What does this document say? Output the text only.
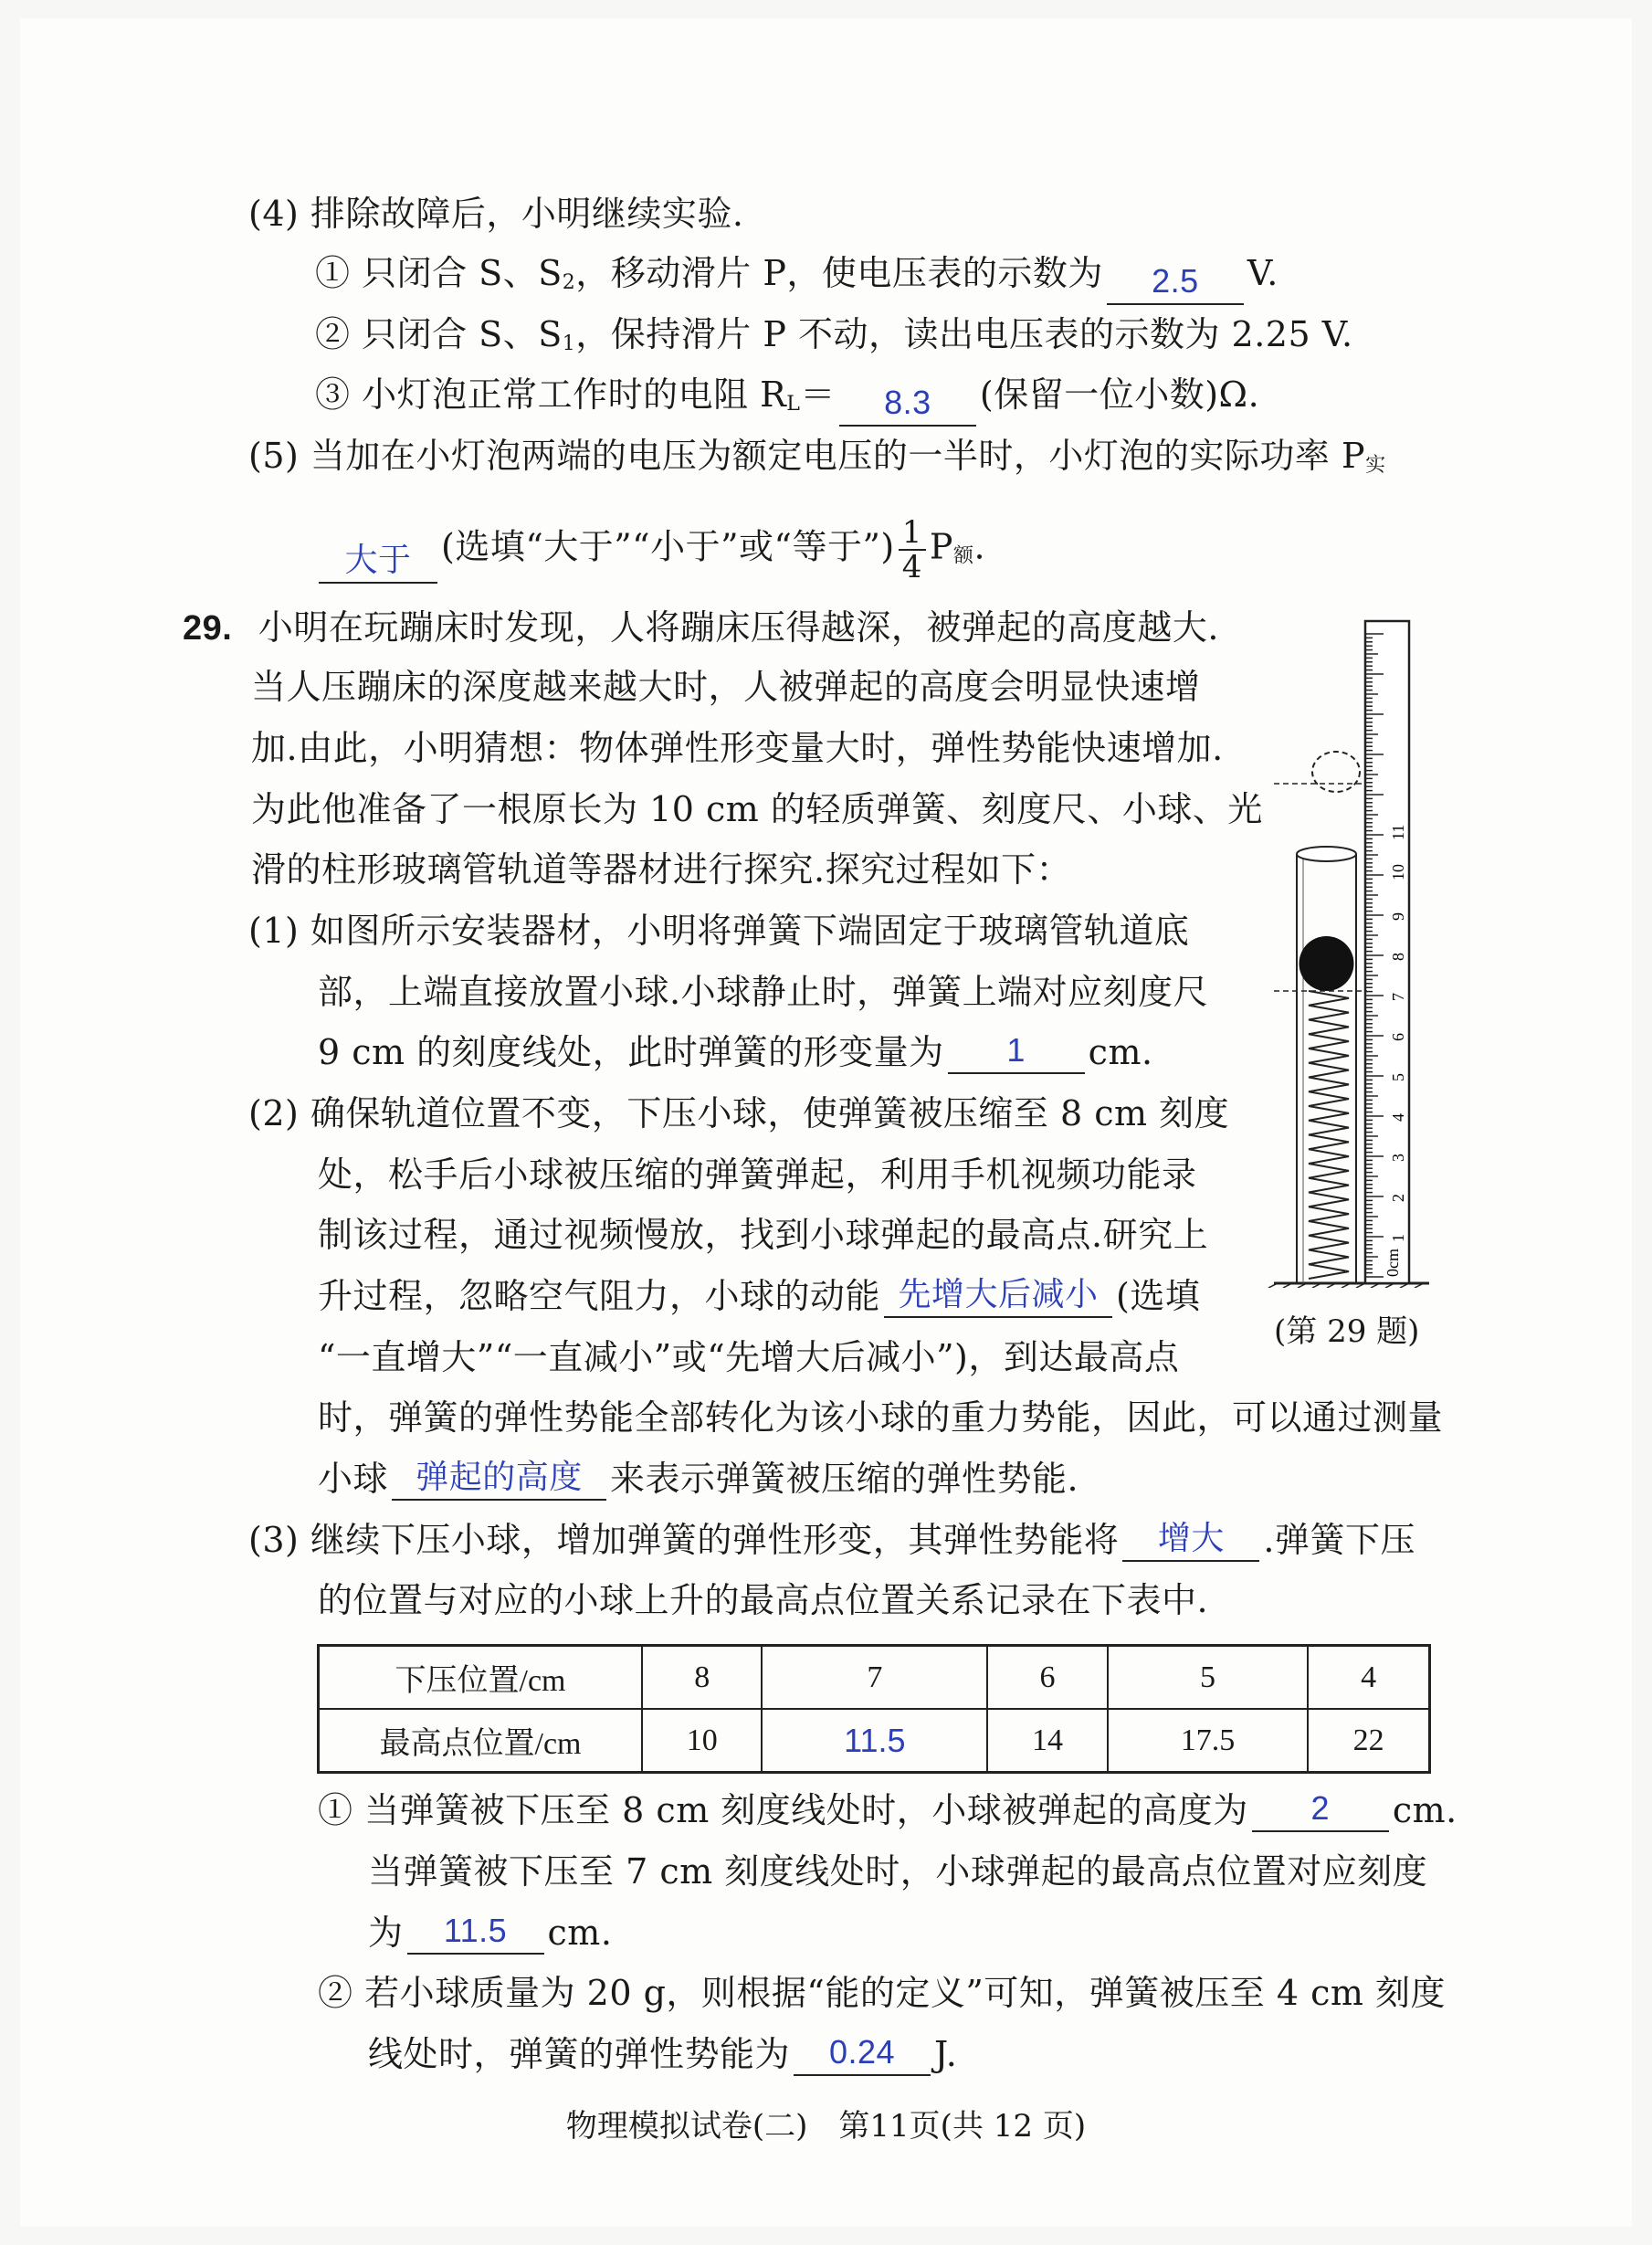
(4) 排除故障后，小明继续实验.
① 只闭合 S、S2，移动滑片 P，使电压表的示数为	2.5	V.
② 只闭合 S、S1，保持滑片 P 不动，读出电压表的示数为 2.25 V.
③ 小灯泡正常工作时的电阻 RL＝	8.3	(保留一位小数)Ω.
(5) 当加在小灯泡两端的电压为额定电压的一半时，小灯泡的实际功率 P实
大于 (选填“大于”“小于”或“等于”) $\frac{1}{4}$ P额.
29. 小明在玩蹦床时发现，人将蹦床压得越深，被弹起的高度越大.
当人压蹦床的深度越来越大时，人被弹起的高度会明显快速增
加.由此，小明猜想：物体弹性形变量大时，弹性势能快速增加.
为此他准备了一根原长为 10 cm 的轻质弹簧、刻度尺、小球、光
滑的柱形玻璃管轨道等器材进行探究.探究过程如下：
(1) 如图所示安装器材，小明将弹簧下端固定于玻璃管轨道底
部，上端直接放置小球.小球静止时，弹簧上端对应刻度尺
9 cm 的刻度线处，此时弹簧的形变量为	1	cm.
(2) 确保轨道位置不变，下压小球，使弹簧被压缩至 8 cm 刻度
处，松手后小球被压缩的弹簧弹起，利用手机视频功能录
制该过程，通过视频慢放，找到小球弹起的最高点.研究上
升过程，忽略空气阻力，小球的动能 先增大后减小 (选填
“一直增大”“一直减小”或“先增大后减小”)，到达最高点
时，弹簧的弹性势能全部转化为该小球的重力势能，因此，可以通过测量
小球 弹起的高度 来表示弹簧被压缩的弹性势能.
(3) 继续下压小球，增加弹簧的弹性形变，其弹性势能将	增大	.弹簧下压
的位置与对应的小球上升的最高点位置关系记录在下表中.
1
2
3
4
5
6
7
8
9
10
11
0cm
(第 29 题)
下压位置/cm	8	7	6	5	4
最高点位置/cm	10	11.5	14	17.5	22
① 当弹簧被下压至 8 cm 刻度线处时，小球被弹起的高度为	2	cm.
当弹簧被下压至 7 cm 刻度线处时，小球弹起的最高点位置对应刻度
为	11.5	cm.
② 若小球质量为 20 g，则根据“能的定义”可知，弹簧被压至 4 cm 刻度
线处时，弹簧的弹性势能为	0.24	J.
物理模拟试卷(二)　第11页(共 12 页)
